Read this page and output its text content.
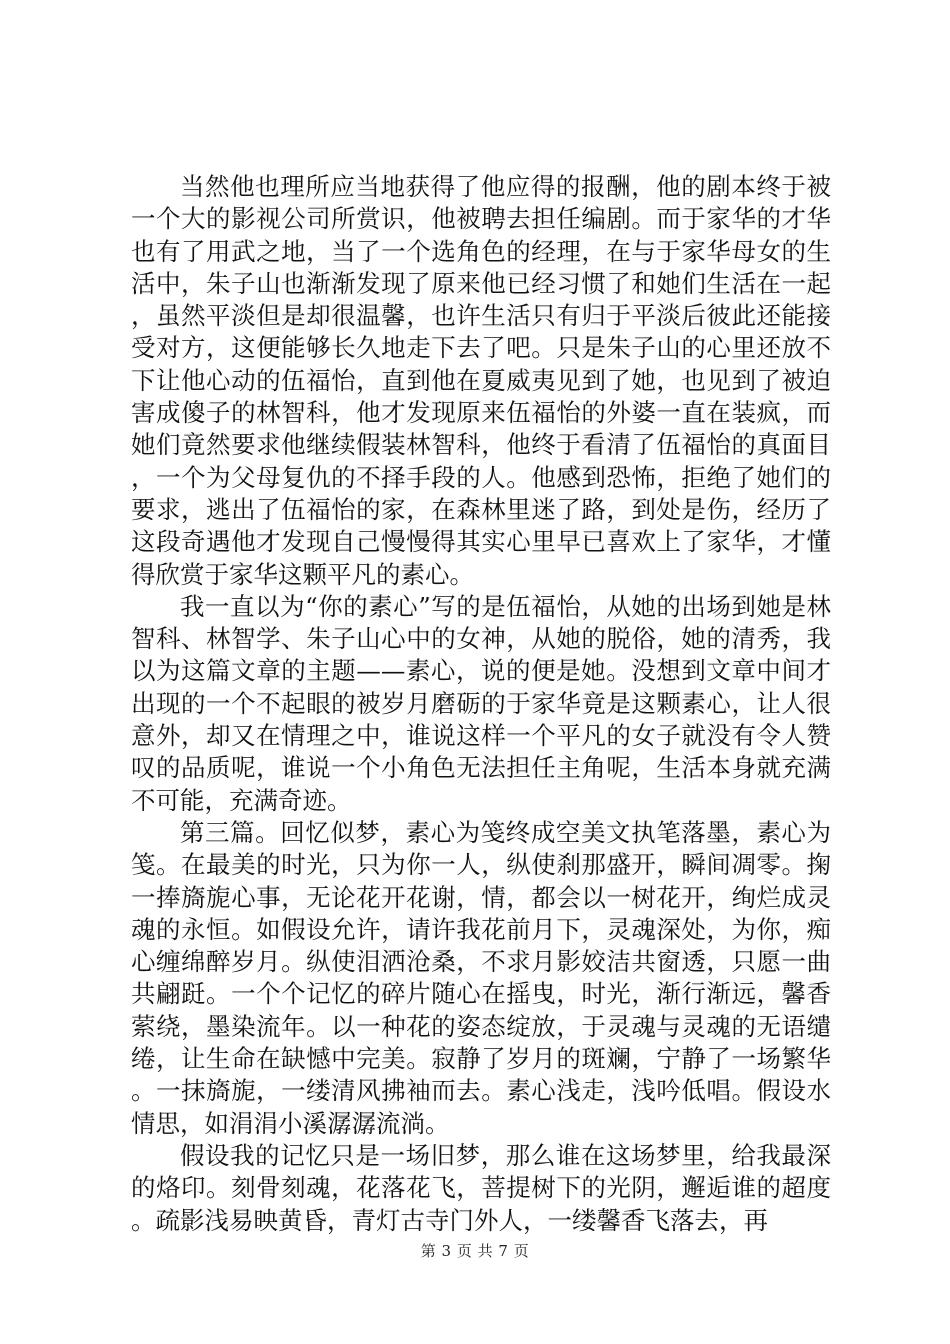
当然他也理所应当地获得了他应得的报酬，他的剧本终于被一个大的影视公司所赏识，他被聘去担任编剧。而于家华的才华也有了用武之地，当了一个选角色的经理，在与于家华母女的生活中，朱子山也渐渐发现了原来他已经习惯了和她们生活在一起，虽然平淡但是却很温馨，也许生活只有归于平淡后彼此还能接受对方，这便能够长久地走下去了吧。只是朱子山的心里还放不下让他心动的伍福怡，直到他在夏威夷见到了她，也见到了被迫害成傻子的林智科，他才发现原来伍福怡的外婆一直在装疯，而她们竟然要求他继续假装林智科，他终于看清了伍福怡的真面目，一个为父母复仇的不择手段的人。他感到恐怖，拒绝了她们的要求，逃出了伍福怡的家，在森林里迷了路，到处是伤，经历了这段奇遇他才发现自己慢慢得其实心里早已喜欢上了家华，才懂得欣赏于家华这颗平凡的素心。

我一直以为“你的素心”写的是伍福怡，从她的出场到她是林智科、林智学、朱子山心中的女神，从她的脱俗，她的清秀，我以为这篇文章的主题——素心，说的便是她。没想到文章中间才出现的一个不起眼的被岁月磨砺的于家华竟是这颗素心，让人很意外，却又在情理之中，谁说这样一个平凡的女子就没有令人赞叹的品质呢，谁说一个小角色无法担任主角呢，生活本身就充满不可能，充满奇迹。

第三篇。回忆似梦，素心为笺终成空美文执笔落墨，素心为笺。在最美的时光，只为你一人，纵使刹那盛开，瞬间凋零。掬一捧旖旎心事，无论花开花谢，情，都会以一树花开，绚烂成灵魂的永恒。如假设允许，请许我花前月下，灵魂深处，为你，痴心缠绵醉岁月。纵使泪洒沧桑，不求月影姣洁共窗透，只愿一曲共翩跹。一个个记忆的碎片随心在摇曳，时光，渐行渐远，馨香萦绕，墨染流年。以一种花的姿态绽放，于灵魂与灵魂的无语缱绻，让生命在缺憾中完美。寂静了岁月的斑斓，宁静了一场繁华。一抹旖旎，一缕清风拂袖而去。素心浅走，浅吟低唱。假设水情思，如涓涓小溪潺潺流淌。

假设我的记忆只是一场旧梦，那么谁在这场梦里，给我最深的烙印。刻骨刻魂，花落花飞，菩提树下的光阴，邂逅谁的超度。疏影浅易映黄昏，青灯古寺门外人，一缕馨香飞落去，再

第 3 页 共 7 页
